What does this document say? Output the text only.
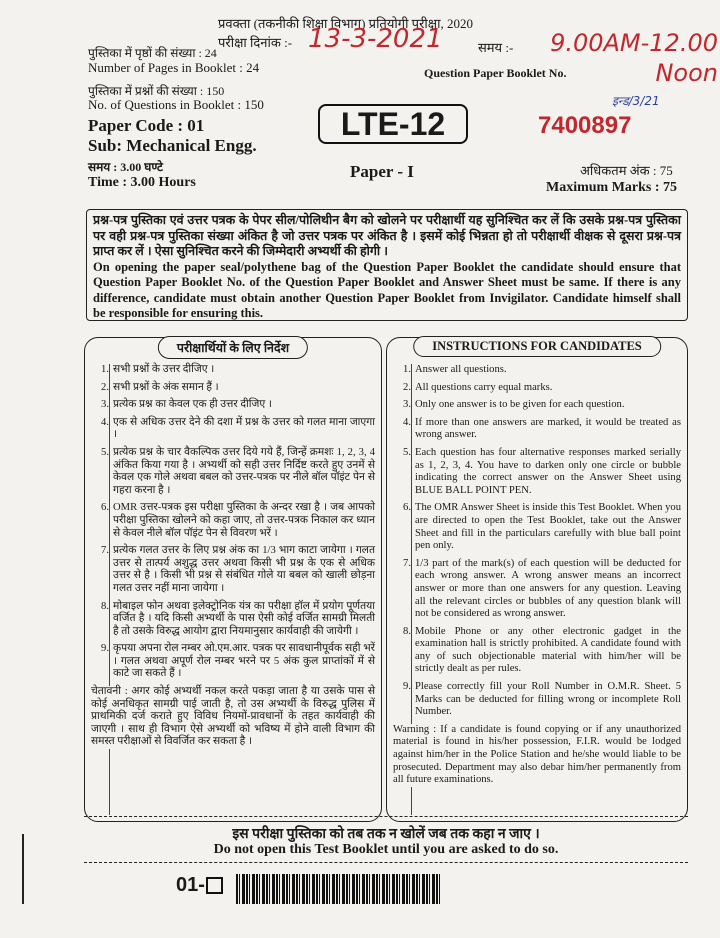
प्रवक्ता (तकनीकी शिक्षा विभाग) प्रतियोगी परीक्षा, 2020
परीक्षा दिनांक :- 13-3-2021	समय :-	9.00AM-12.00 Noon
इन्ड/3/21
पुस्तिका में पृष्ठों की संख्या : 24
Number of Pages in Booklet : 24
पुस्तिका में प्रश्नों की संख्या : 150
No. of Questions in Booklet : 150
Paper Code : 01
Sub: Mechanical Engg.
समय : 3.00 घण्टे
Time : 3.00 Hours
Question Paper Booklet No.
LTE-12	7400897
Paper - I	अधिकतम अंक : 75
Maximum Marks : 75
प्रश्न-पत्र पुस्तिका एवं उत्तर पत्रक के पेपर सील/पोलिथीन बैग को खोलने पर परीक्षार्थी यह सुनिश्चित कर लें कि उसके प्रश्न-पत्र पुस्तिका पर वही प्रश्न-पत्र पुस्तिका संख्या अंकित है जो उत्तर पत्रक पर अंकित है । इसमें कोई भिन्नता हो तो परीक्षार्थी वीक्षक से दूसरा प्रश्न-पत्र प्राप्त कर लें । ऐसा सुनिश्चित करने की जिम्मेदारी अभ्यर्थी की होगी ।
On opening the paper seal/polythene bag of the Question Paper Booklet the candidate should ensure that Question Paper Booklet No. of the Question Paper Booklet and Answer Sheet must be same. If there is any difference, candidate must obtain another Question Paper Booklet from Invigilator. Candidate himself shall be responsible for ensuring this.
परीक्षार्थियों के लिए निर्देश
1. सभी प्रश्नों के उत्तर दीजिए ।
2. सभी प्रश्नों के अंक समान हैं ।
3. प्रत्येक प्रश्न का केवल एक ही उत्तर दीजिए ।
4. एक से अधिक उत्तर देने की दशा में प्रश्न के उत्तर को गलत माना जाएगा ।
5. प्रत्येक प्रश्न के चार वैकल्पिक उत्तर दिये गये हैं, जिन्हें क्रमशः 1, 2, 3, 4 अंकित किया गया है । अभ्यर्थी को सही उत्तर निर्दिष्ट करते हुए उनमें से केवल एक गोले अथवा बबल को उत्तर-पत्रक पर नीले बॉल पॉइंट पेन से गहरा करना है ।
6. OMR उत्तर-पत्रक इस परीक्षा पुस्तिका के अन्दर रखा है । जब आपको परीक्षा पुस्तिका खोलने को कहा जाए, तो उत्तर-पत्रक निकाल कर ध्यान से केवल नीले बॉल पॉइंट पेन से विवरण भरें ।
7. प्रत्येक गलत उत्तर के लिए प्रश्न अंक का 1/3 भाग काटा जायेगा । गलत उत्तर से तात्पर्य अशुद्ध उत्तर अथवा किसी भी प्रश्न के एक से अधिक उत्तर से है । किसी भी प्रश्न से संबंधित गोले या बबल को खाली छोड़ना गलत उत्तर नहीं माना जायेगा ।
8. मोबाइल फोन अथवा इलेक्ट्रोनिक यंत्र का परीक्षा हॉल में प्रयोग पूर्णतया वर्जित है । यदि किसी अभ्यर्थी के पास ऐसी कोई वर्जित सामग्री मिलती है तो उसके विरुद्ध आयोग द्वारा नियमानुसार कार्यवाही की जायेगी ।
9. कृपया अपना रोल नम्बर ओ.एम.आर. पत्रक पर सावधानीपूर्वक सही भरें । गलत अथवा अपूर्ण रोल नम्बर भरने पर 5 अंक कुल प्राप्तांकों में से काटे जा सकते हैं ।
चेतावनी : अगर कोई अभ्यर्थी नकल करते पकड़ा जाता है या उसके पास से कोई अनधिकृत सामग्री पाई जाती है, तो उस अभ्यर्थी के विरुद्ध पुलिस में प्राथमिकी दर्ज कराते हुए विविध नियमों-प्रावधानों के तहत कार्यवाही की जाएगी । साथ ही विभाग ऐसे अभ्यर्थी को भविष्य में होने वाली विभाग की समस्त परीक्षाओं से विवर्जित कर सकता है ।
INSTRUCTIONS FOR CANDIDATES
1. Answer all questions.
2. All questions carry equal marks.
3. Only one answer is to be given for each question.
4. If more than one answers are marked, it would be treated as wrong answer.
5. Each question has four alternative responses marked serially as 1, 2, 3, 4. You have to darken only one circle or bubble indicating the correct answer on the Answer Sheet using BLUE BALL POINT PEN.
6. The OMR Answer Sheet is inside this Test Booklet. When you are directed to open the Test Booklet, take out the Answer Sheet and fill in the particulars carefully with blue ball point pen only.
7. 1/3 part of the mark(s) of each question will be deducted for each wrong answer. A wrong answer means an incorrect answer or more than one answers for any question. Leaving all the relevant circles or bubbles of any question blank will not be considered as wrong answer.
8. Mobile Phone or any other electronic gadget in the examination hall is strictly prohibited. A candidate found with any of such objectionable material with him/her will be strictly dealt as per rules.
9. Please correctly fill your Roll Number in O.M.R. Sheet. 5 Marks can be deducted for filling wrong or incomplete Roll Number.
Warning : If a candidate is found copying or if any unauthorized material is found in his/her possession, F.I.R. would be lodged against him/her in the Police Station and he/she would liable to be prosecuted. Department may also debar him/her permanently from all future examinations.
इस परीक्षा पुस्तिका को तब तक न खोलें जब तक कहा न जाए ।
Do not open this Test Booklet until you are asked to do so.
01-
